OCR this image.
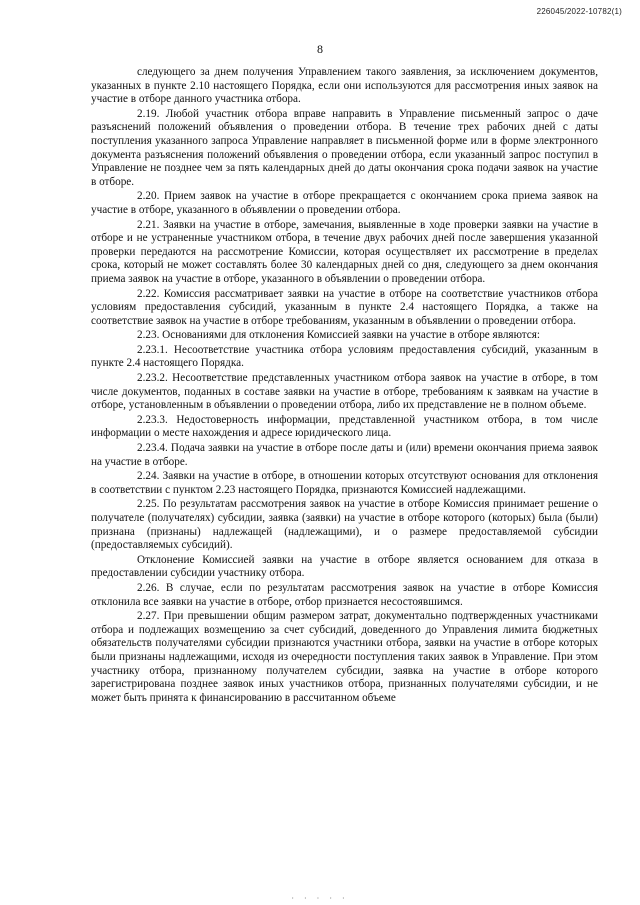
226045/2022-10782(1)
8

следующего за днем получения Управлением такого заявления, за исключением документов, указанных в пункте 2.10 настоящего Порядка, если они используются для рассмотрения иных заявок на участие в отборе данного участника отбора.

2.19. Любой участник отбора вправе направить в Управление письменный запрос о даче разъяснений положений объявления о проведении отбора. В течение трех рабочих дней с даты поступления указанного запроса Управление направляет в письменной форме или в форме электронного документа разъяснения положений объявления о проведении отбора, если указанный запрос поступил в Управление не позднее чем за пять календарных дней до даты окончания срока подачи заявок на участие в отборе.

2.20. Прием заявок на участие в отборе прекращается с окончанием срока приема заявок на участие в отборе, указанного в объявлении о проведении отбора.

2.21. Заявки на участие в отборе, замечания, выявленные в ходе проверки заявки на участие в отборе и не устраненные участником отбора, в течение двух рабочих дней после завершения указанной проверки передаются на рассмотрение Комиссии, которая осуществляет их рассмотрение в пределах срока, который не может составлять более 30 календарных дней со дня, следующего за днем окончания приема заявок на участие в отборе, указанного в объявлении о проведении отбора.

2.22. Комиссия рассматривает заявки на участие в отборе на соответствие участников отбора условиям предоставления субсидий, указанным в пункте 2.4 настоящего Порядка, а также на соответствие заявок на участие в отборе требованиям, указанным в объявлении о проведении отбора.

2.23. Основаниями для отклонения Комиссией заявки на участие в отборе являются:

2.23.1. Несоответствие участника отбора условиям предоставления субсидий, указанным в пункте 2.4 настоящего Порядка.

2.23.2. Несоответствие представленных участником отбора заявок на участие в отборе, в том числе документов, поданных в составе заявки на участие в отборе, требованиям к заявкам на участие в отборе, установленным в объявлении о проведении отбора, либо их представление не в полном объеме.

2.23.3. Недостоверность информации, представленной участником отбора, в том числе информации о месте нахождения и адресе юридического лица.

2.23.4. Подача заявки на участие в отборе после даты и (или) времени окончания приема заявок на участие в отборе.

2.24. Заявки на участие в отборе, в отношении которых отсутствуют основания для отклонения в соответствии с пунктом 2.23 настоящего Порядка, признаются Комиссией надлежащими.

2.25. По результатам рассмотрения заявок на участие в отборе Комиссия принимает решение о получателе (получателях) субсидии, заявка (заявки) на участие в отборе которого (которых) была (были) признана (признаны) надлежащей (надлежащими), и о размере предоставляемой субсидии (предоставляемых субсидий).

Отклонение Комиссией заявки на участие в отборе является основанием для отказа в предоставлении субсидии участнику отбора.

2.26. В случае, если по результатам рассмотрения заявок на участие в отборе Комиссия отклонила все заявки на участие в отборе, отбор признается несостоявшимся.

2.27. При превышении общим размером затрат, документально подтвержденных участниками отбора и подлежащих возмещению за счет субсидий, доведенного до Управления лимита бюджетных обязательств получателями субсидии признаются участники отбора, заявки на участие в отборе которых были признаны надлежащими, исходя из очередности поступления таких заявок в Управление. При этом участнику отбора, признанному получателем субсидии, заявка на участие в отборе которого зарегистрирована позднее заявок иных участников отбора, признанных получателями субсидии, и не может быть принята к финансированию в рассчитанном объеме

· · · · ·
